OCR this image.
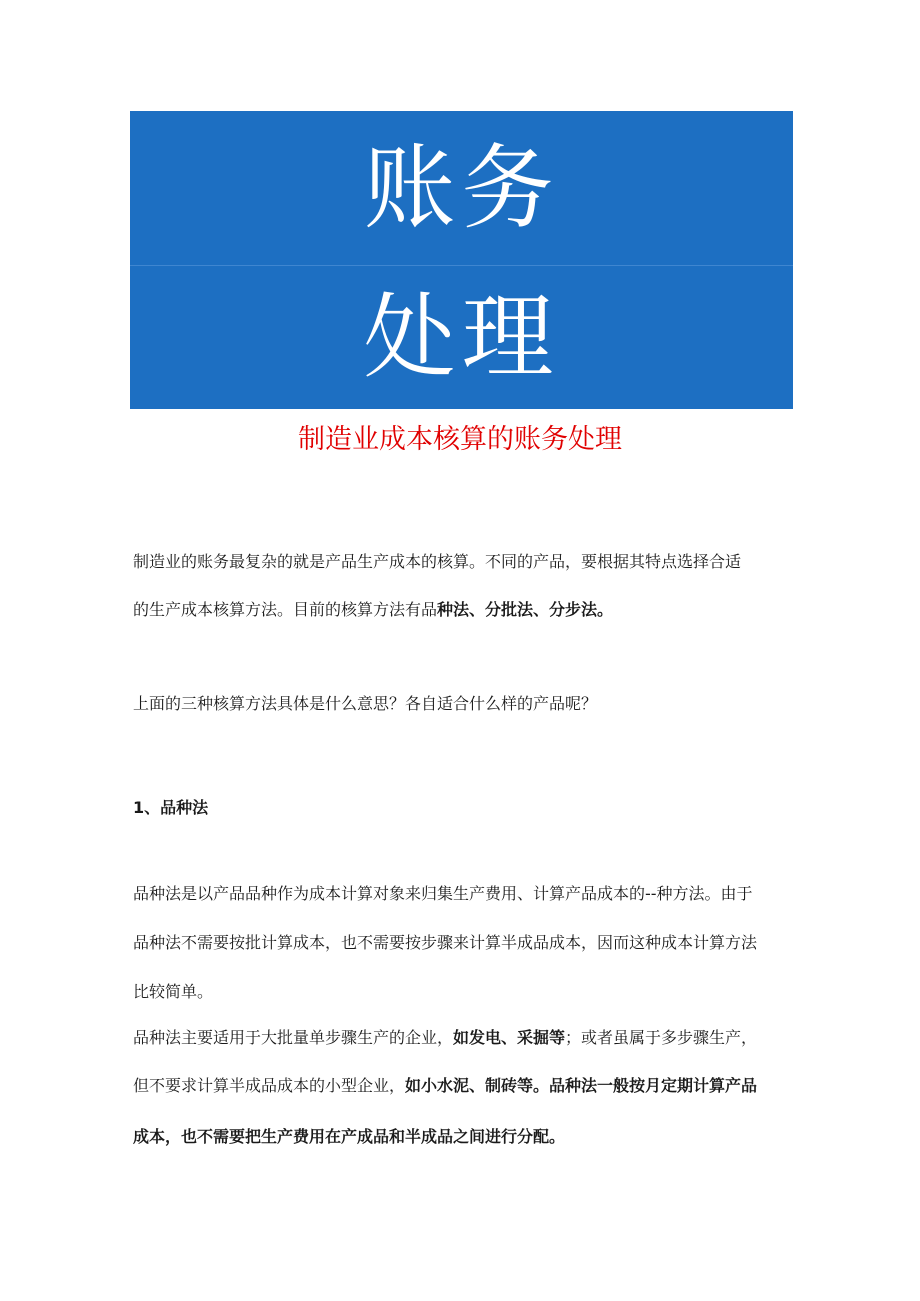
账务
处理
制造业成本核算的账务处理
制造业的账务最复杂的就是产品生产成本的核算。不同的产品，要根据其特点选择合适
的生产成本核算方法。目前的核算方法有品种法、分批法、分步法。
上面的三种核算方法具体是什么意思？各自适合什么样的产品呢？
1、品种法
品种法是以产品品种作为成本计算对象来归集生产费用、计算产品成本的--种方法。由于
品种法不需要按批计算成本，也不需要按步骤来计算半成品成本，因而这种成本计算方法
比较简单。
品种法主要适用于大批量单步骤生产的企业，如发电、采掘等；或者虽属于多步骤生产，
但不要求计算半成品成本的小型企业，如小水泥、制砖等。品种法一般按月定期计算产品
成本，也不需要把生产费用在产成品和半成品之间进行分配。
